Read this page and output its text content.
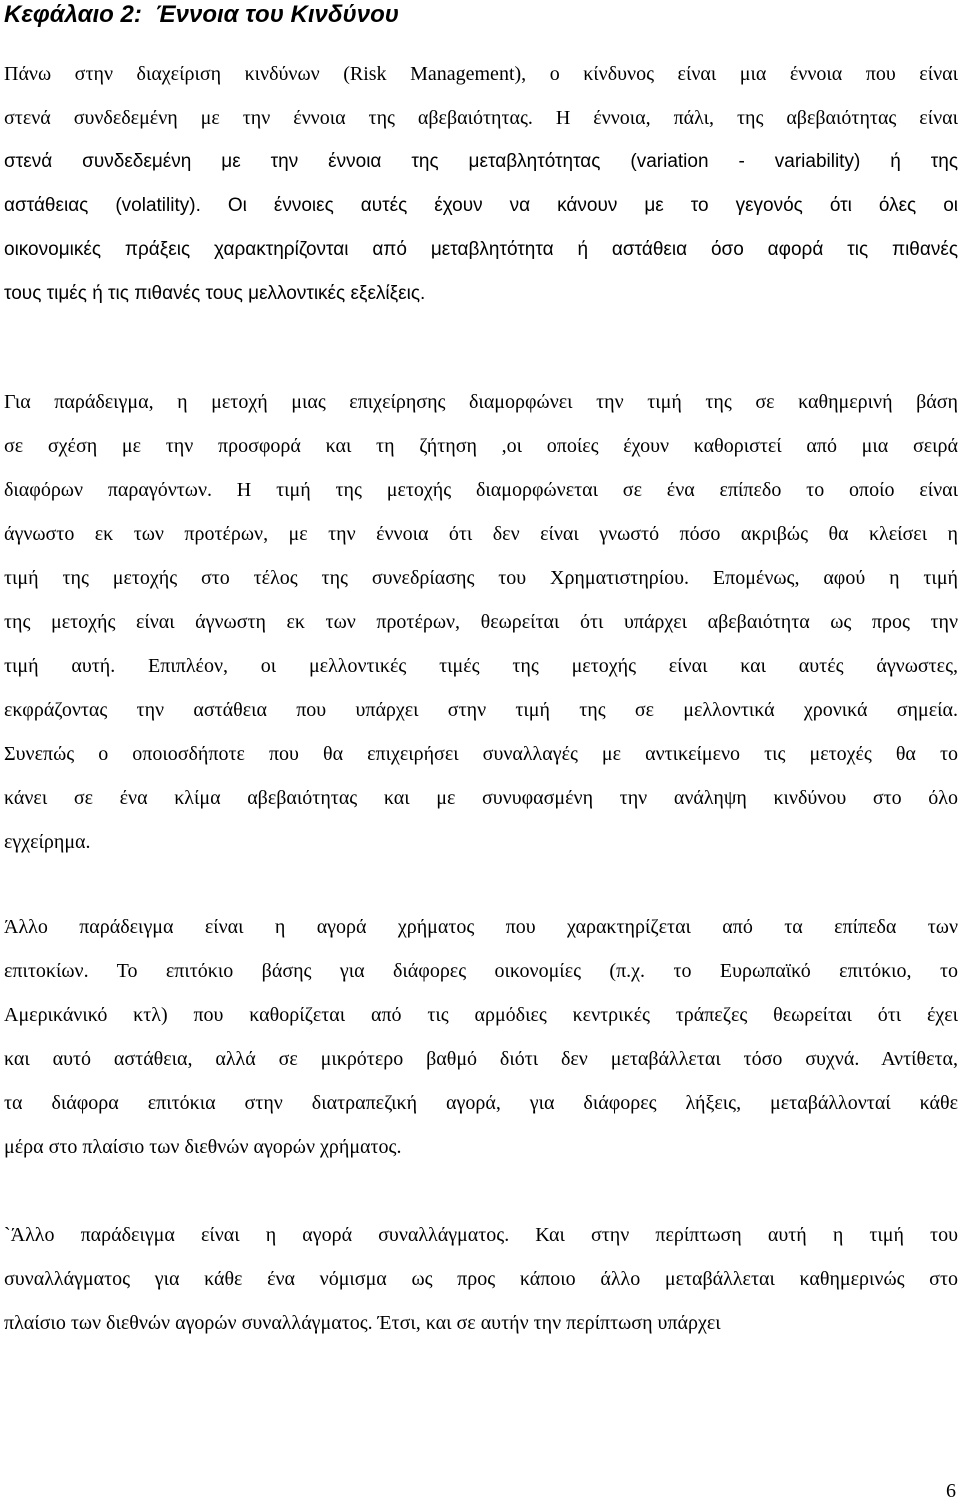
Κεφάλαιο 2:  Έννοια του Κινδύνου
Πάνω στην διαχείριση κινδύνων (Risk Management), ο κίνδυνος είναι μια έννοια που είναι
στενά συνδεδεμένη με την έννοια της αβεβαιότητας. Η έννοια, πάλι, της αβεβαιότητας είναι
στενά συνδεδεμένη με την έννοια της μεταβλητότητας (variation - variability) ή της
αστάθειας (volatility). Οι έννοιες αυτές έχουν να κάνουν με το γεγονός ότι όλες οι
οικονομικές πράξεις χαρακτηρίζονται από μεταβλητότητα ή αστάθεια όσο αφορά τις πιθανές
τους τιμές ή τις πιθανές τους μελλοντικές εξελίξεις.
Για παράδειγμα, η μετοχή μιας επιχείρησης διαμορφώνει την τιμή της σε καθημερινή βάση
σε σχέση με την προσφορά και τη ζήτηση ,οι οποίες έχουν καθοριστεί από μια σειρά
διαφόρων παραγόντων. Η τιμή της μετοχής διαμορφώνεται σε ένα επίπεδο το οποίο είναι
άγνωστο εκ των προτέρων, με την έννοια ότι δεν είναι γνωστό πόσο ακριβώς θα κλείσει η
τιμή της μετοχής στο τέλος της συνεδρίασης του Χρηματιστηρίου. Επομένως, αφού η τιμή
της μετοχής είναι άγνωστη εκ των προτέρων, θεωρείται ότι υπάρχει αβεβαιότητα ως προς την
τιμή αυτή. Επιπλέον, οι μελλοντικές τιμές της μετοχής είναι και αυτές άγνωστες,
εκφράζοντας την αστάθεια που υπάρχει στην τιμή της σε μελλοντικά χρονικά σημεία.
Συνεπώς ο οποιοσδήποτε που θα επιχειρήσει συναλλαγές με αντικείμενο τις μετοχές θα το
κάνει σε ένα κλίμα αβεβαιότητας και με συνυφασμένη την ανάληψη κινδύνου στο όλο
εγχείρημα.
Άλλο παράδειγμα είναι η αγορά χρήματος που χαρακτηρίζεται από τα επίπεδα των
επιτοκίων. Το επιτόκιο βάσης για διάφορες οικονομίες (π.χ. το Ευρωπαϊκό επιτόκιο, το
Αμερικάνικό κτλ) που καθορίζεται από τις αρμόδιες κεντρικές τράπεζες θεωρείται ότι έχει
και αυτό αστάθεια, αλλά σε μικρότερο βαθμό διότι δεν μεταβάλλεται τόσο συχνά. Αντίθετα,
τα διάφορα επιτόκια στην διατραπεζική αγορά, για διάφορες λήξεις, μεταβάλλονταί κάθε
μέρα στο πλαίσιο των διεθνών αγορών χρήματος.
`Άλλο παράδειγμα είναι η αγορά συναλλάγματος. Και στην περίπτωση αυτή η τιμή του
συναλλάγματος για κάθε ένα νόμισμα ως προς κάποιο άλλο μεταβάλλεται καθημερινώς στο
πλαίσιο των διεθνών αγορών συναλλάγματος. Έτσι, και σε αυτήν την περίπτωση υπάρχει
6
